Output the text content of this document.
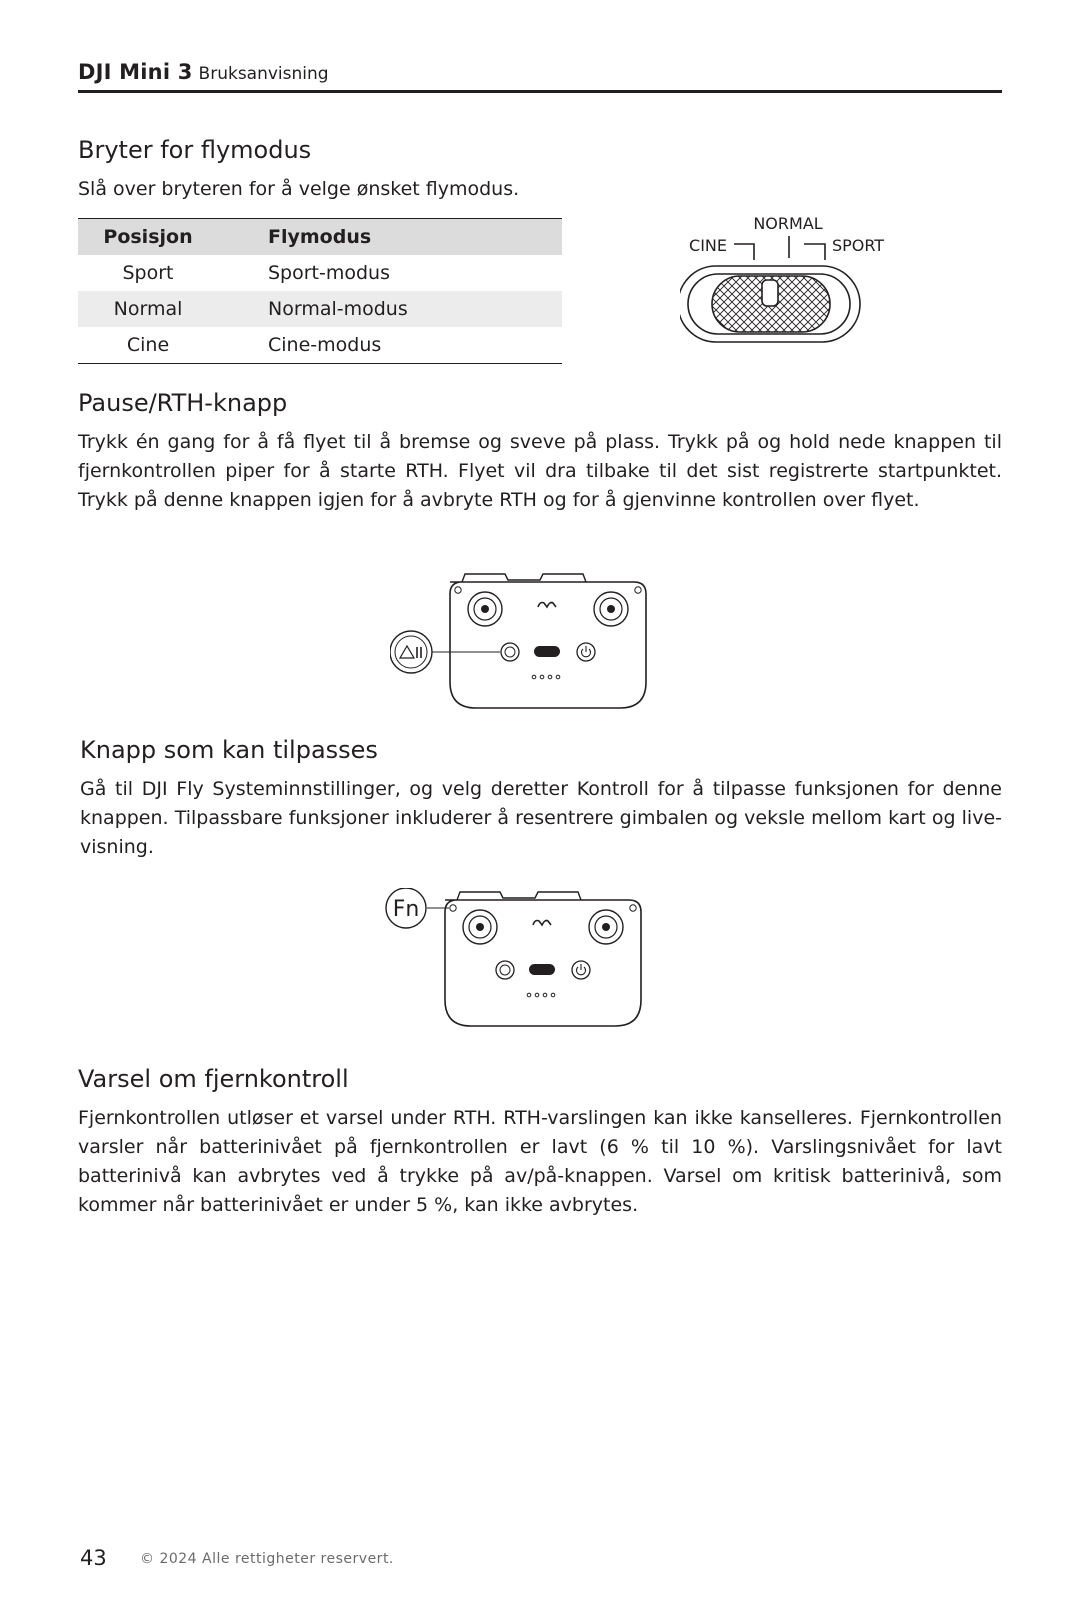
DJI Mini 3 Bruksanvisning
Bryter for flymodus

Slå over bryteren for å velge ønsket flymodus.

Posisjon	Flymodus
Sport	Sport-modus
Normal	Normal-modus
Cine	Cine-modus
NORMAL
CINE	SPORT
Pause/RTH-knapp

Trykk én gang for å få flyet til å bremse og sveve på plass. Trykk på og hold nede knappen til fjernkontrollen piper for å starte RTH. Flyet vil dra tilbake til det sist registrerte startpunktet. Trykk på denne knappen igjen for å avbryte RTH og for å gjenvinne kontrollen over flyet.

Knapp som kan tilpasses

Gå til DJI Fly Systeminnstillinger, og velg deretter Kontroll for å tilpasse funksjonen for denne knappen. Tilpassbare funksjoner inkluderer å resentrere gimbalen og veksle mellom kart og live-visning.

Fn
Varsel om fjernkontroll

Fjernkontrollen utløser et varsel under RTH. RTH-varslingen kan ikke kanselleres. Fjernkontrollen varsler når batterinivået på fjernkontrollen er lavt (6 % til 10 %). Varslingsnivået for lavt batterinivå kan avbrytes ved å trykke på av/på-knappen. Varsel om kritisk batterinivå, som kommer når batterinivået er under 5 %, kan ikke avbrytes.

43 © 2024 Alle rettigheter reservert.
